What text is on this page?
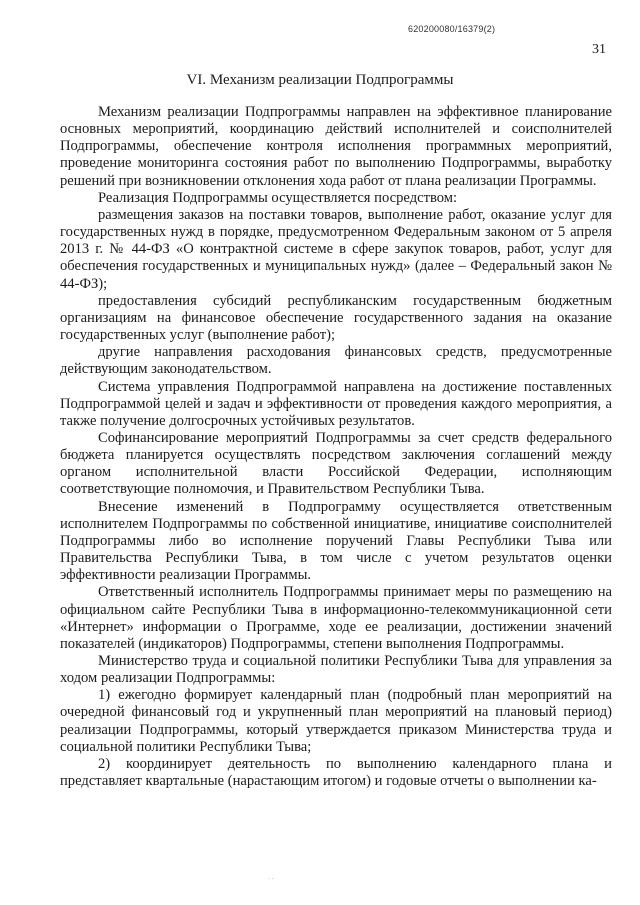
620200080/16379(2)
31
VI. Механизм реализации Подпрограммы

Механизм реализации Подпрограммы направлен на эффективное планирование основных мероприятий, координацию действий исполнителей и соисполнителей Подпрограммы, обеспечение контроля исполнения программных мероприятий, проведение мониторинга состояния работ по выполнению Подпрограммы, выработку решений при возникновении отклонения хода работ от плана реализации Программы.

Реализация Подпрограммы осуществляется посредством:

размещения заказов на поставки товаров, выполнение работ, оказание услуг для государственных нужд в порядке, предусмотренном Федеральным законом от 5 апреля 2013 г. № 44-ФЗ «О контрактной системе в сфере закупок товаров, работ, услуг для обеспечения государственных и муниципальных нужд» (далее – Федеральный закон № 44-ФЗ);

предоставления субсидий республиканским государственным бюджетным организациям на финансовое обеспечение государственного задания на оказание государственных услуг (выполнение работ);

другие направления расходования финансовых средств, предусмотренные действующим законодательством.

Система управления Подпрограммой направлена на достижение поставленных Подпрограммой целей и задач и эффективности от проведения каждого мероприятия, а также получение долгосрочных устойчивых результатов.

Софинансирование мероприятий Подпрограммы за счет средств федерального бюджета планируется осуществлять посредством заключения соглашений между органом исполнительной власти Российской Федерации, исполняющим соответствующие полномочия, и Правительством Республики Тыва.

Внесение изменений в Подпрограмму осуществляется ответственным исполнителем Подпрограммы по собственной инициативе, инициативе соисполнителей Подпрограммы либо во исполнение поручений Главы Республики Тыва или Правительства Республики Тыва, в том числе с учетом результатов оценки эффективности реализации Программы.

Ответственный исполнитель Подпрограммы принимает меры по размещению на официальном сайте Республики Тыва в информационно-телекоммуникационной сети «Интернет» информации о Программе, ходе ее реализации, достижении значений показателей (индикаторов) Подпрограммы, степени выполнения Подпрограммы.

Министерство труда и социальной политики Республики Тыва для управления за ходом реализации Подпрограммы:

1) ежегодно формирует календарный план (подробный план мероприятий на очередной финансовый год и укрупненный план мероприятий на плановый период) реализации Подпрограммы, который утверждается приказом Министерства труда и социальной политики Республики Тыва;

2) координирует деятельность по выполнению календарного плана и представляет квартальные (нарастающим итогом) и годовые отчеты о выполнении ка-

· ·
